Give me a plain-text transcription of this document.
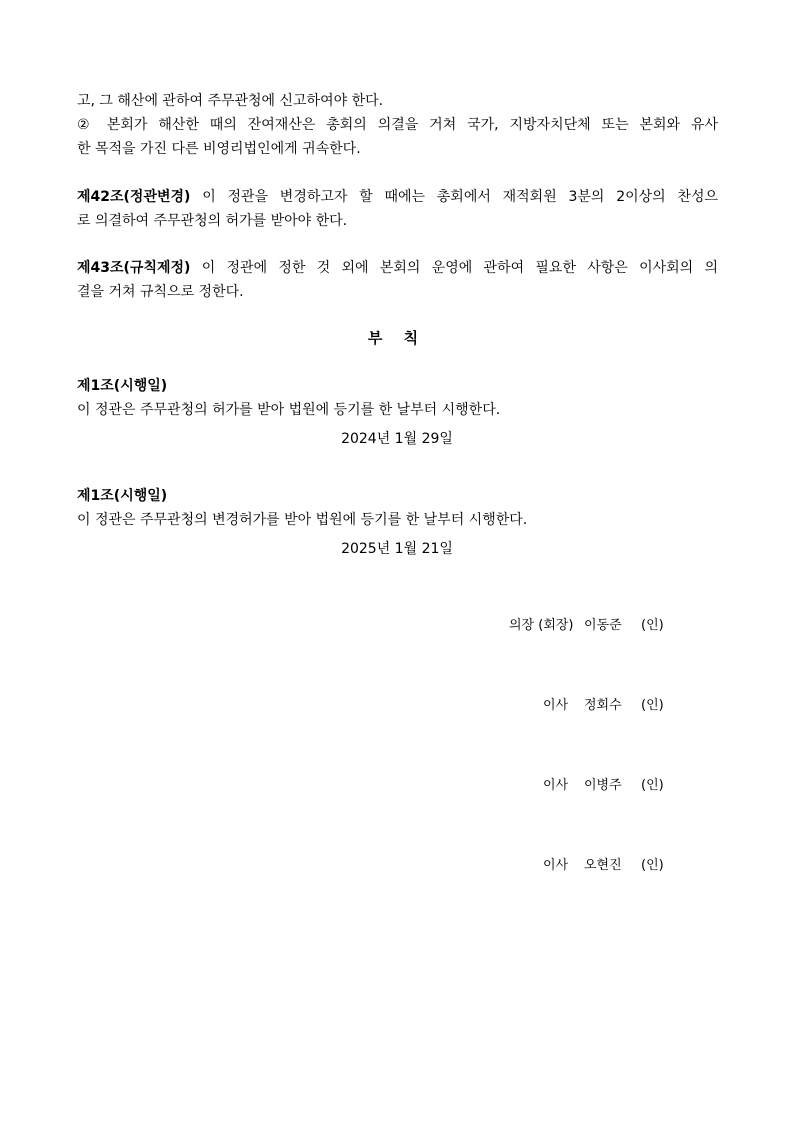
고, 그 해산에 관하여 주무관청에 신고하여야 한다.
② 본회가 해산한 때의 잔여재산은 총회의 의결을 거쳐 국가, 지방자치단체 또는 본회와 유사
한 목적을 가진 다른 비영리법인에게 귀속한다.
제42조(정관변경) 이 정관을 변경하고자 할 때에는 총회에서 재적회원 3분의 2이상의 찬성으
로 의결하여 주무관청의 허가를 받아야 한다.
제43조(규칙제정) 이 정관에 정한 것 외에 본회의 운영에 관하여 필요한 사항은 이사회의 의
결을 거쳐 규칙으로 정한다.
부 칙
제1조(시행일)
이 정관은 주무관청의 허가를 받아 법원에 등기를 한 날부터 시행한다.
2024년 1월 29일
제1조(시행일)
이 정관은 주무관청의 변경허가를 받아 법원에 등기를 한 날부터 시행한다.
2025년 1월 21일
의장 (회장) 이동준 (인)
이사 정회수 (인)
이사 이병주 (인)
이사 오현진 (인)
